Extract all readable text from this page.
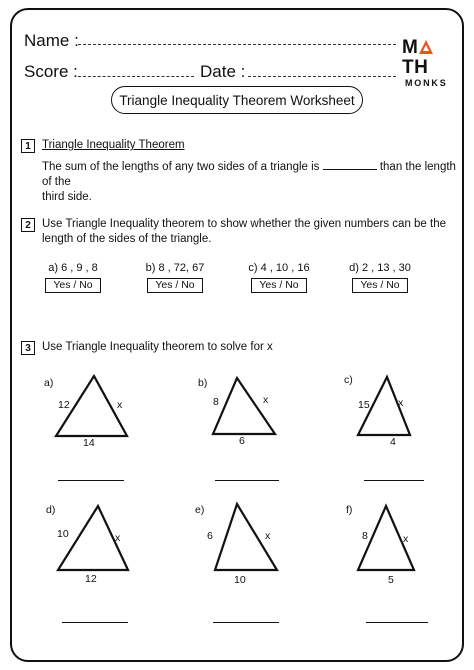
Name :
Score :	Date :
MTH
MONKS
Triangle Inequality Theorem Worksheet
1 Triangle Inequality Theorem
The sum of the lengths of any two sides of a triangle is	than the length of the
third side.
2 Use Triangle Inequality theorem to show whether the given numbers can be the
length of the sides of the triangle.
a) 6 , 9 , 8
Yes / No
b) 8 , 72, 67
Yes / No
c) 4 , 10 , 16
Yes / No
d) 2 , 13 , 30
Yes / No
3 Use Triangle Inequality theorem to solve for x
a)
12	x
14
b)
8	x
6
c)
15	x
4
d)
10	x
12
e)
6	x
10
f)
8	x
5
